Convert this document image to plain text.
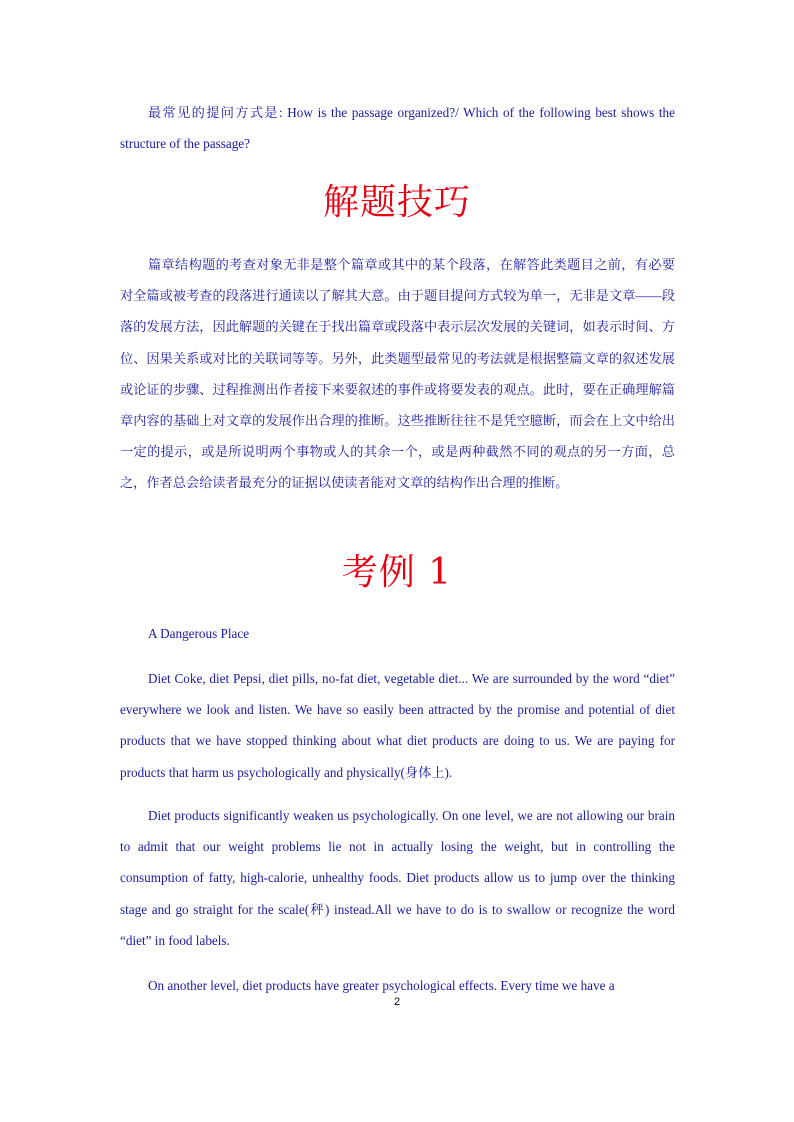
最常见的提问方式是: How is the passage organized?/ Which of the following best shows the structure of the passage?

解题技巧

篇章结构题的考查对象无非是整个篇章或其中的某个段落，在解答此类题目之前，有必要对全篇或被考查的段落进行通读以了解其大意。由于题目提问方式较为单一，无非是文章——段落的发展方法，因此解题的关键在于找出篇章或段落中表示层次发展的关键词，如表示时间、方位、因果关系或对比的关联词等等。另外，此类题型最常见的考法就是根据整篇文章的叙述发展或论证的步骤、过程推测出作者接下来要叙述的事件或将要发表的观点。此时，要在正确理解篇章内容的基础上对文章的发展作出合理的推断。这些推断往往不是凭空臆断，而会在上文中给出一定的提示，或是所说明两个事物或人的其余一个，或是两种截然不同的观点的另一方面，总之，作者总会给读者最充分的证据以使读者能对文章的结构作出合理的推断。

考例 1

A Dangerous Place

Diet Coke, diet Pepsi, diet pills, no-fat diet, vegetable diet... We are surrounded by the word “diet” everywhere we look and listen. We have so easily been attracted by the promise and potential of diet products that we have stopped thinking about what diet products are doing to us. We are paying for products that harm us psychologically and physically(身体上).

Diet products significantly weaken us psychologically. On one level, we are not allowing our brain to admit that our weight problems lie not in actually losing the weight, but in controlling the consumption of fatty, high-calorie, unhealthy foods. Diet products allow us to jump over the thinking stage and go straight for the scale(秤) instead.All we have to do is to swallow or recognize the word “diet” in food labels.

On another level, diet products have greater psychological effects. Every time we have a

2
